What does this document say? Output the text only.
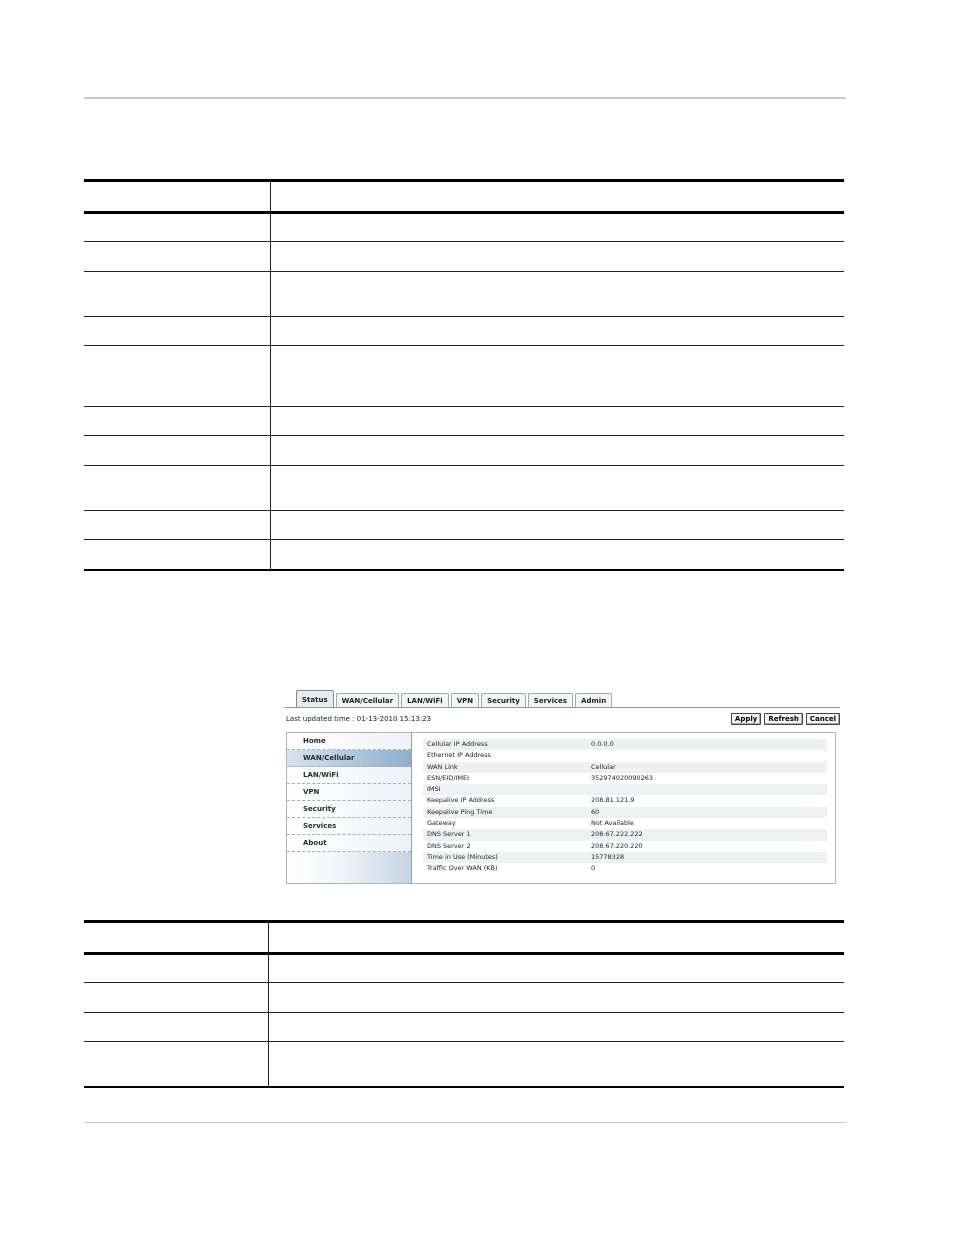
Status	WAN/Cellular	LAN/WiFi	VPN	Security	Services	Admin
Last updated time : 01-13-2010 15:13:23	Apply	Refresh	Cancel
Home
WAN/Cellular
LAN/WiFi
VPN
Security
Services
About
Cellular IP Address	0.0.0.0
Ethernet IP Address
WAN Link	Cellular
ESN/EID/IMEI	352974020090263
IMSI
Keepalive IP Address	208.81.121.9
Keepalive Ping Time	60
Gateway	Not Available
DNS Server 1	208.67.222.222
DNS Server 2	208.67.220.220
Time in Use (Minutes)	15778328
Traffic Over WAN (KB)	0
